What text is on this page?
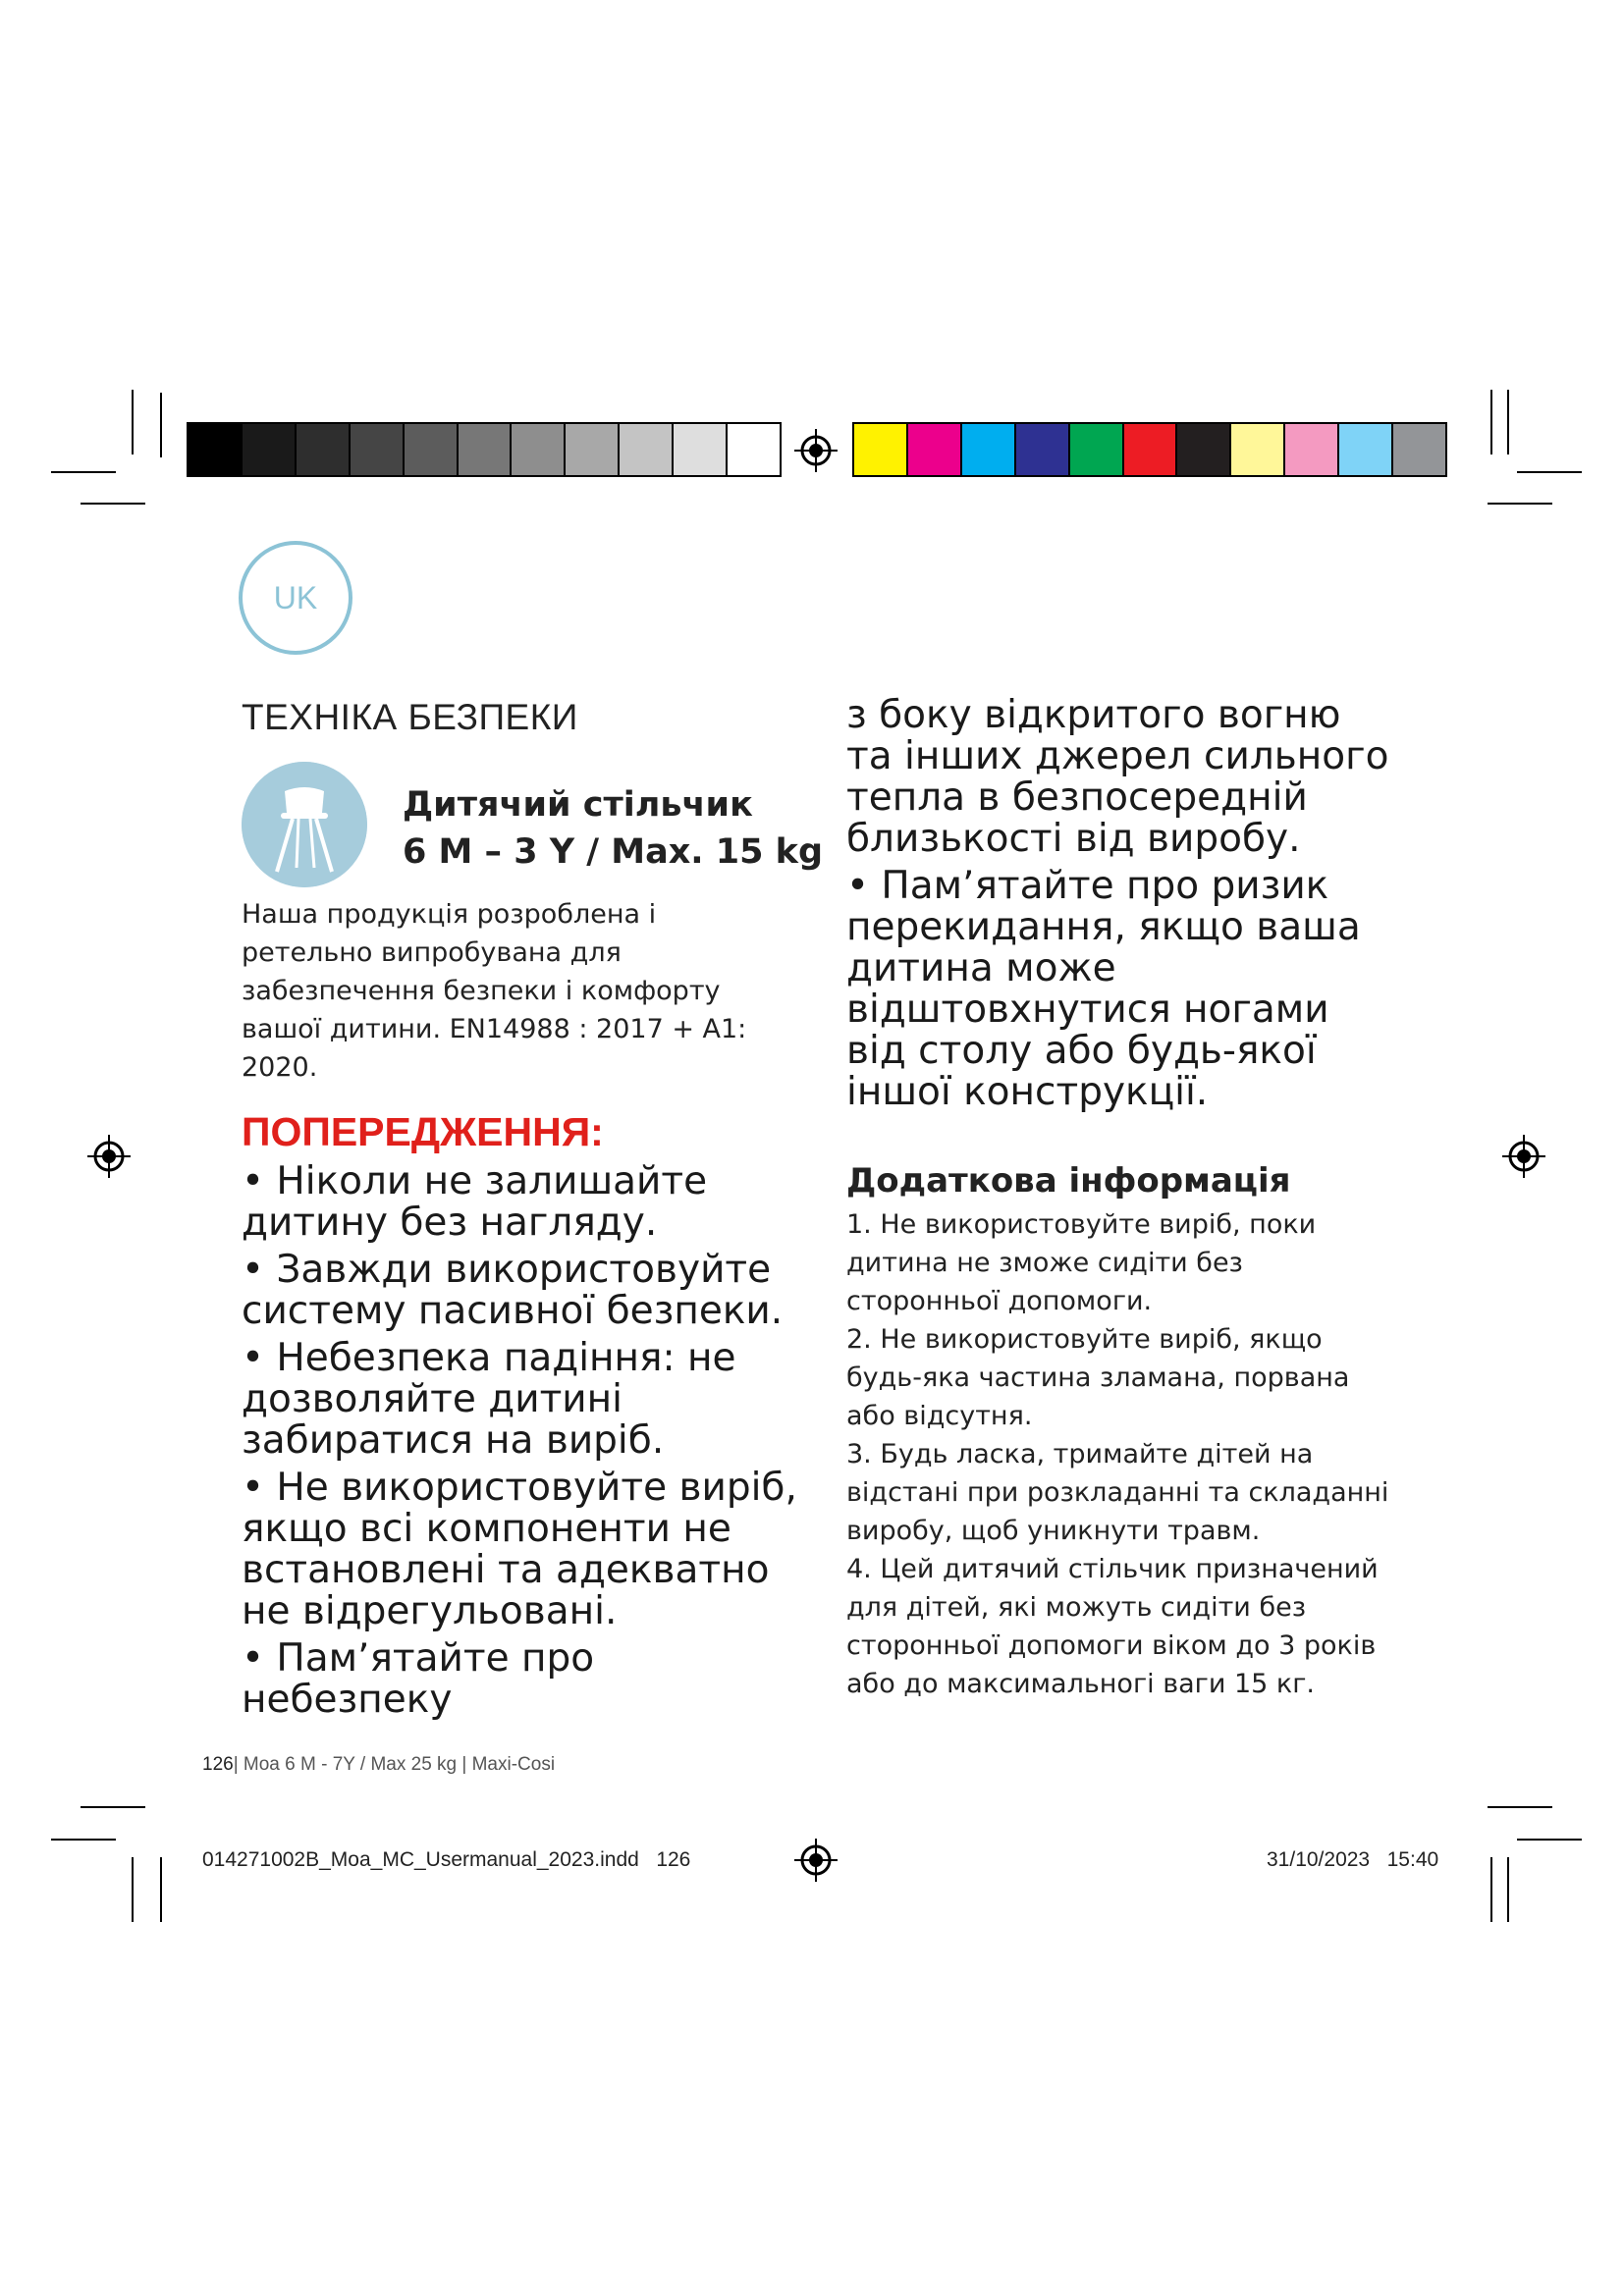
UK
ТЕХНІКА БЕЗПЕКИ
Дитячий стільчик
6 M – 3 Y / Max. 15 kg
Наша продукція розроблена і ретельно випробувана для забезпечення безпеки і комфорту вашої дитини. EN14988 : 2017 + A1: 2020.
ПОПЕРЕДЖЕННЯ:
• Ніколи не залишайте дитину без нагляду.
• Завжди використовуйте систему пасивної безпеки.
• Небезпека падіння: не дозволяйте дитині забиратися на виріб.
• Не використовуйте виріб, якщо всі компоненти не встановлені та адекватно не відрегульовані.
• Пам’ятайте про небезпеку
з боку відкритого вогню та інших джерел сильного тепла в безпосередній близькості від виробу.
• Пам’ятайте про ризик перекидання, якщо ваша дитина може відштовхнутися ногами від столу або будь-якої іншої конструкції.
Додаткова інформація
1. Не використовуйте виріб, поки дитина не зможе сидіти без сторонньої допомоги.
2. Не використовуйте виріб, якщо будь-яка частина зламана, порвана або відсутня.
3. Будь ласка, тримайте дітей на відстані при розкладанні та складанні виробу, щоб уникнути травм.
4. Цей дитячий стільчик призначений для дітей, які можуть сидіти без сторонньої допомоги віком до 3 років або до максимальногі ваги 15 кг.
126| Moa 6 M - 7Y / Max 25 kg | Maxi-Cosi
014271002B_Moa_MC_Usermanual_2023.indd   126	31/10/2023 15:40
